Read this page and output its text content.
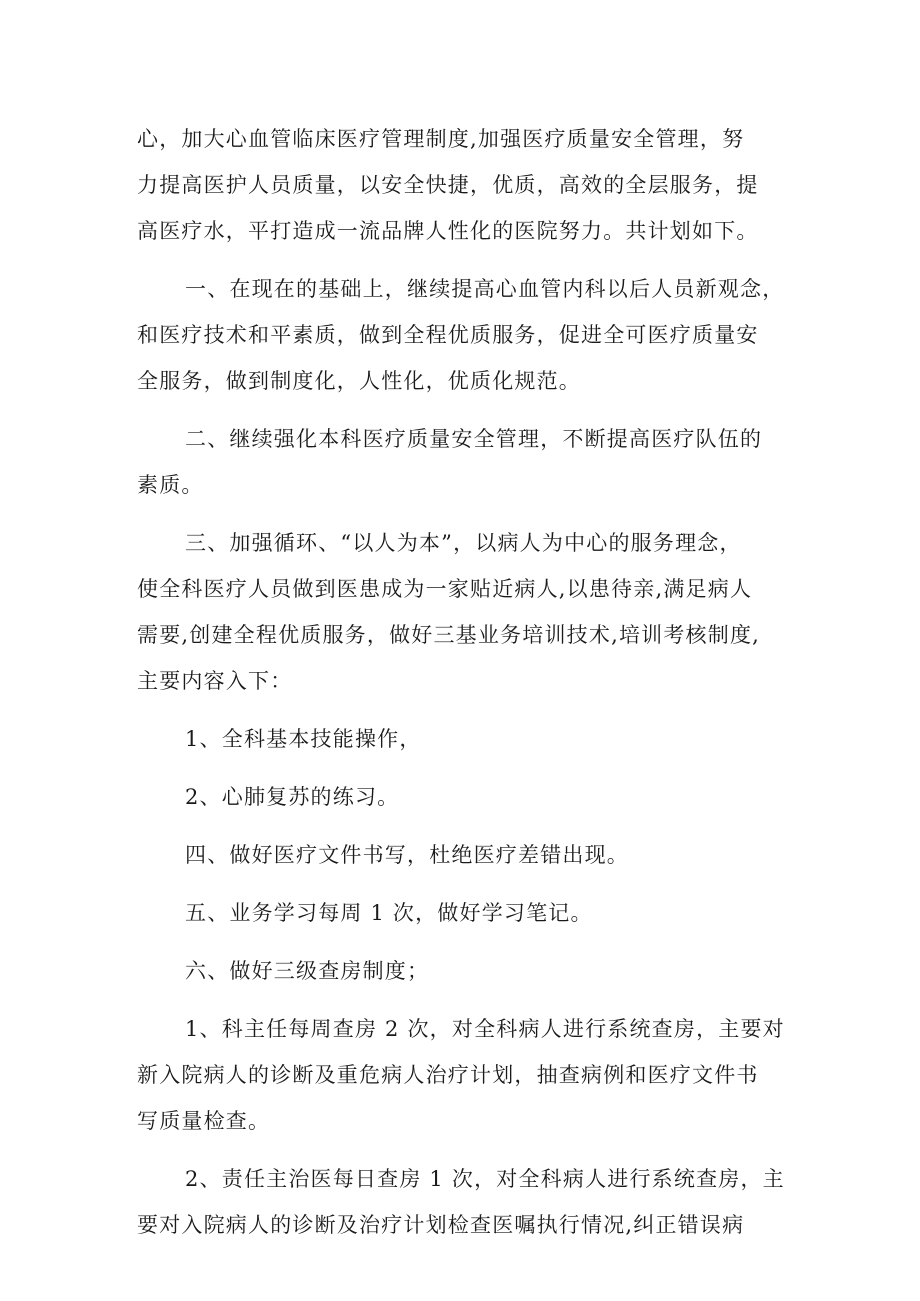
心，加大心血管临床医疗管理制度,加强医疗质量安全管理，努
力提高医护人员质量，以安全快捷，优质，高效的全层服务，提
高医疗水，平打造成一流品牌人性化的医院努力。共计划如下。
一、在现在的基础上，继续提高心血管内科以后人员新观念，
和医疗技术和平素质，做到全程优质服务，促进全可医疗质量安
全服务，做到制度化，人性化，优质化规范。
二、继续强化本科医疗质量安全管理，不断提高医疗队伍的
素质。
三、加强循环、“以人为本”，以病人为中心的服务理念，
使全科医疗人员做到医患成为一家贴近病人,以患待亲,满足病人
需要,创建全程优质服务，做好三基业务培训技术,培训考核制度,
主要内容入下：
1、全科基本技能操作，
2、心肺复苏的练习。
四、做好医疗文件书写，杜绝医疗差错出现。
五、业务学习每周 1 次，做好学习笔记。
六、做好三级查房制度；
1、科主任每周查房 2 次，对全科病人进行系统查房，主要对
新入院病人的诊断及重危病人治疗计划，抽查病例和医疗文件书
写质量检查。
2、责任主治医每日查房 1 次，对全科病人进行系统查房，主
要对入院病人的诊断及治疗计划检查医嘱执行情况,纠正错误病
